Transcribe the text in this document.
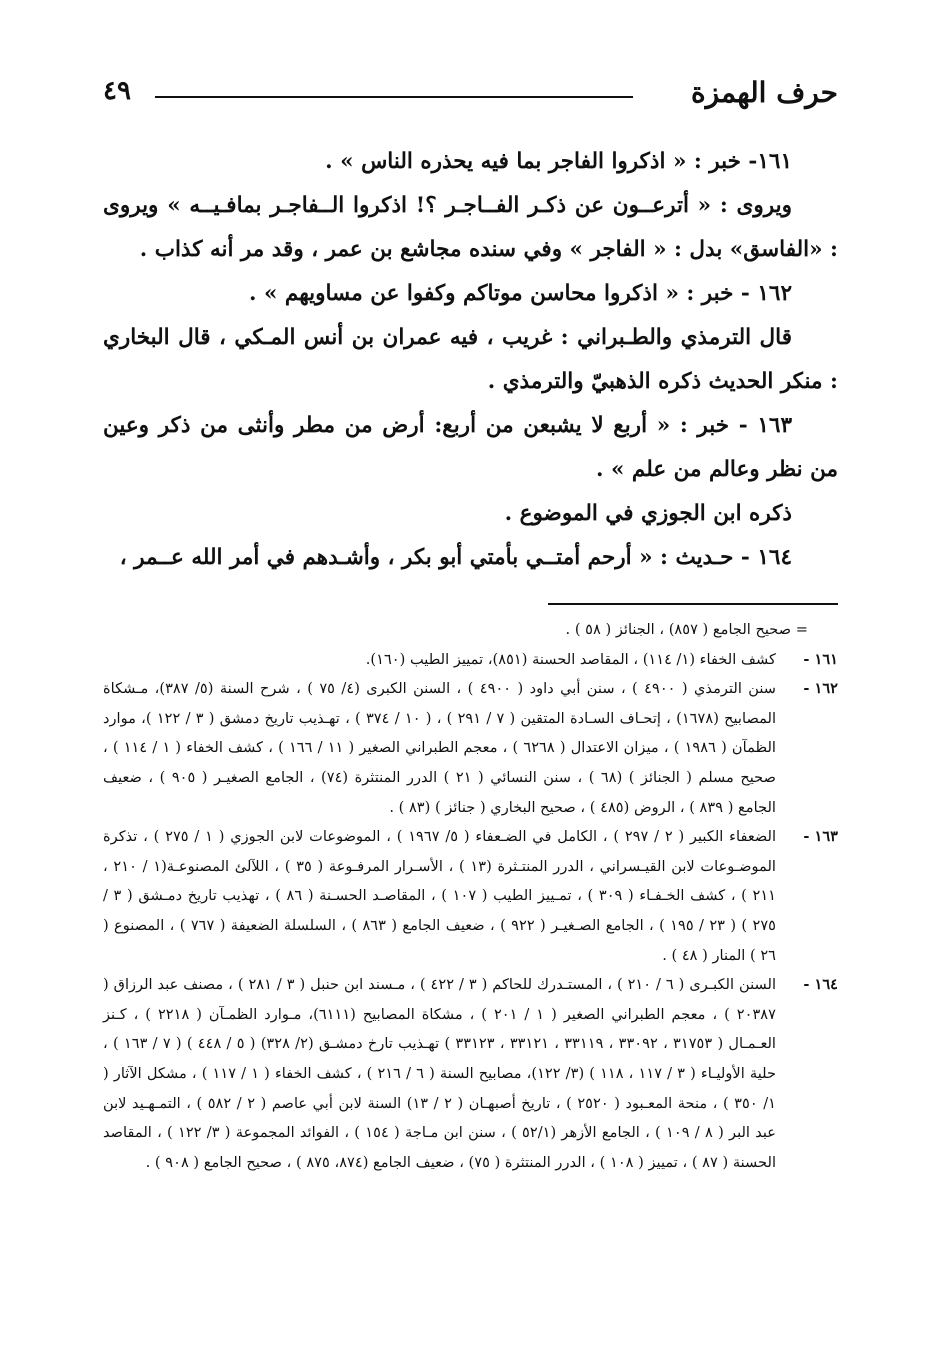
حرف الهمزة
٤٩

١٦١- خبر : « اذكروا الفاجر بما فيه يحذره الناس » .

ويروى : « أترعــون عن ذكـر الفــاجـر ؟! اذكروا الــفاجـر بمافـيــه » ويروى : «الفاسق» بدل : « الفاجر » وفي سنده مجاشع بن عمر ، وقد مر أنه كذاب .

١٦٢ - خبر : « اذكروا محاسن موتاكم وكفوا عن مساويهم » .

قال الترمذي والطـبراني : غريب ، فيه عمران بن أنس المـكي ، قال البخاري : منكر الحديث ذكره الذهبيّ والترمذي .

١٦٣ - خبر : « أربع لا يشبعن من أربع: أرض من مطر وأنثى من ذكر وعين من نظر وعالم من علم » .

ذكره ابن الجوزي في الموضوع .

١٦٤ - حـديث : « أرحم أمتــي بأمتي أبو بكر ، وأشـدهم في أمر الله عــمر ،

= صحيح الجامع ( ٨٥٧) ، الجنائز ( ٥٨ ) .
١٦١ -
كشف الخفاء (١/ ١١٤) ، المقاصد الحسنة (٨٥١)، تمييز الطيب (١٦٠).
١٦٢ -
سنن الترمذي ( ٤٩٠٠ ) ، سنن أبي داود ( ٤٩٠٠ ) ، السنن الكبرى (٤/ ٧٥ ) ، شرح السنة (٥/ ٣٨٧)، مـشكاة المصابيح (١٦٧٨) ، إتحـاف السـادة المتقين ( ٧ / ٢٩١ ) ، ( ١٠ / ٣٧٤ ) ، تهـذيب تاريخ دمشق ( ٣ / ١٢٢ )، موارد الظمآن ( ١٩٨٦ ) ، ميزان الاعتدال ( ٦٢٦٨ ) ، معجم الطبراني الصغير ( ١١ / ١٦٦ ) ، كشف الخفاء ( ١ / ١١٤ ) ، صحيح مسلم ( الجنائز ) (٦٨ ) ، سنن النسائي ( ٢١ ) الدرر المنتثرة (٧٤) ، الجامع الصغيـر ( ٩٠٥ ) ، ضعيف الجامع ( ٨٣٩ ) ، الروض (٤٨٥ ) ، صحيح البخاري ( جنائز ) (٨٣ ) .
١٦٣ -
الضعفاء الكبير ( ٢ / ٢٩٧ ) ، الكامل في الضـعفاء ( ٥/ ١٩٦٧ ) ، الموضوعات لابن الجوزي ( ١ / ٢٧٥ ) ، تذكرة الموضـوعات لابن القيـسراني ، الدرر المنتـثرة (١٣ ) ، الأسـرار المرفـوعة ( ٣٥ ) ، اللآلئ المصنوعـة(١ / ٢١٠ ، ٢١١ ) ، كشف الخـفـاء ( ٣٠٩ ) ، تمـييز الطيب ( ١٠٧ ) ، المقاصـد الحسـنة ( ٨٦ ) ، تهذيب تاريخ دمـشق ( ٣ / ٢٧٥ ) ( ٢٣ / ١٩٥ ) ، الجامع الصـغيـر ( ٩٢٢ ) ، ضعيف الجامع ( ٨٦٣ ) ، السلسلة الضعيفة ( ٧٦٧ ) ، المصنوع ( ٢٦ ) المنار ( ٤٨ ) .
١٦٤ -
السنن الكبـرى ( ٦ / ٢١٠ ) ، المستـدرك للحاكم ( ٣ / ٤٢٢ ) ، مـسند ابن حنبل ( ٣ / ٢٨١ ) ، مصنف عبد الرزاق ( ٢٠٣٨٧ ) ، معجم الطبراني الصغير ( ١ / ٢٠١ ) ، مشكاة المصابيح (٦١١١)، مـوارد الظمـآن ( ٢٢١٨ ) ، كـنز العـمـال ( ٣١٧٥٣ ، ٣٣٠٩٢ ، ٣٣١١٩ ، ٣٣١٢١ ، ٣٣١٢٣ ) تهـذيب تارخ دمشـق (٢/ ٣٢٨) ( ٥ / ٤٤٨ ) ( ٧ / ١٦٣ ) ، حلية الأوليـاء ( ٣ / ١١٧ ، ١١٨ ) (٣/ ١٢٢)، مصابيح السنة ( ٦ / ٢١٦ ) ، كشف الخفاء ( ١ / ١١٧ ) ، مشكل الآثار ( ١/ ٣٥٠ ) ، منحة المعـبود ( ٢٥٢٠ ) ، تاريخ أصبهـان ( ٢ / ١٣) السنة لابن أبي عاصم ( ٢ / ٥٨٢ ) ، التمـهـيد لابن عبد البر ( ٨ / ١٠٩ ) ، الجامع الأزهر (٥٢/١ ) ، سنن ابن مـاجة ( ١٥٤ ) ، الفوائد المجموعة ( ٣/ ١٢٢ ) ، المقاصد الحسنة ( ٨٧ ) ، تمييز ( ١٠٨ ) ، الدرر المنتثرة ( ٧٥) ، ضعيف الجامع (٨٧٤، ٨٧٥ ) ، صحيح الجامع ( ٩٠٨ ) .
